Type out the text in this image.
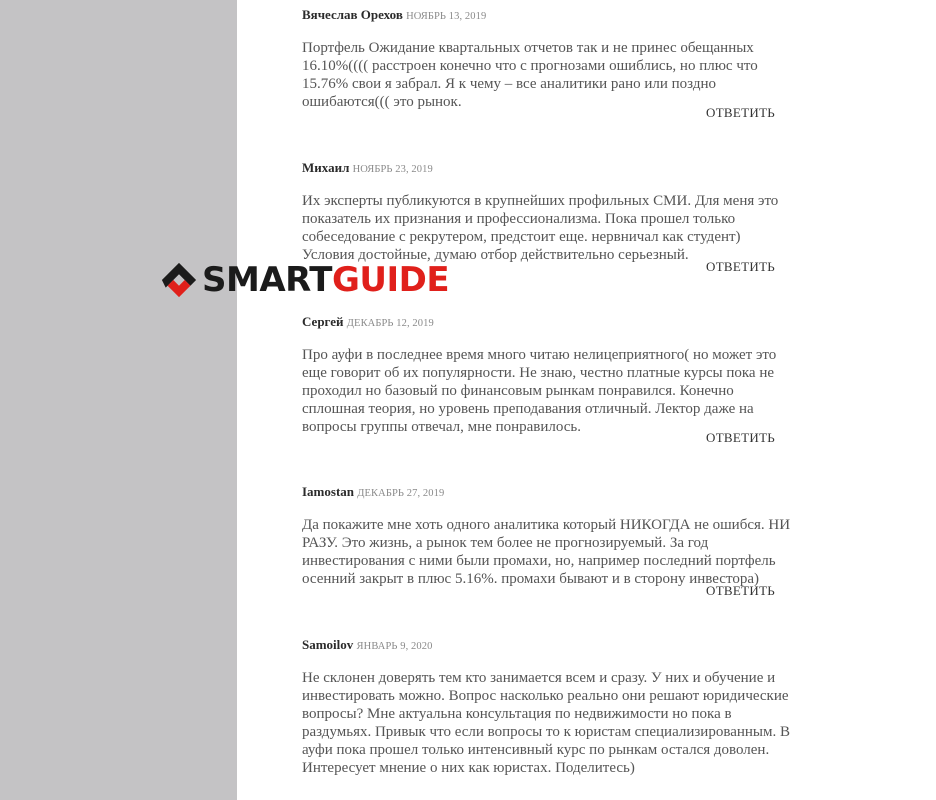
Вячеслав Орехов НОЯБРЬ 13, 2019

Портфель Ожидание квартальных отчетов так и не принес обещанных 16.10%(((( расстроен конечно что с прогнозами ошиблись, но плюс что 15.76% свои я забрал. Я к чему – все аналитики рано или поздно ошибаются((( это рынок.

ОТВЕТИТЬ
Михаил НОЯБРЬ 23, 2019

Их эксперты публикуются в крупнейших профильных СМИ. Для меня это показатель их признания и профессионализма. Пока прошел только собеседование с рекрутером, предстоит еще. нервничал как студент) Условия достойные, думаю отбор действительно серьезный.

ОТВЕТИТЬ
Сергей ДЕКАБРЬ 12, 2019

Про ауфи в последнее время много читаю нелицеприятного( но может это еще говорит об их популярности. Не знаю, честно платные курсы пока не проходил но базовый по финансовым рынкам понравился. Конечно сплошная теория, но уровень преподавания отличный. Лектор даже на вопросы группы отвечал, мне понравилось.

ОТВЕТИТЬ
Iamostan ДЕКАБРЬ 27, 2019

Да покажите мне хоть одного аналитика который НИКОГДА не ошибся. НИ РАЗУ. Это жизнь, а рынок тем более не прогнозируемый. За год инвестирования с ними были промахи, но, например последний портфель осенний закрыт в плюс 5.16%. промахи бывают и в сторону инвестора)

ОТВЕТИТЬ
Samoilov ЯНВАРЬ 9, 2020

Не склонен доверять тем кто занимается всем и сразу. У них и обучение и инвестировать можно. Вопрос насколько реально они решают юридические вопросы? Мне актуальна консультация по недвижимости но пока в раздумьях. Привык что если вопросы то к юристам специализированным. В ауфи пока прошел только интенсивный курс по рынкам остался доволен. Интересует мнение о них как юристах. Поделитесь)

SMARTGUIDE
